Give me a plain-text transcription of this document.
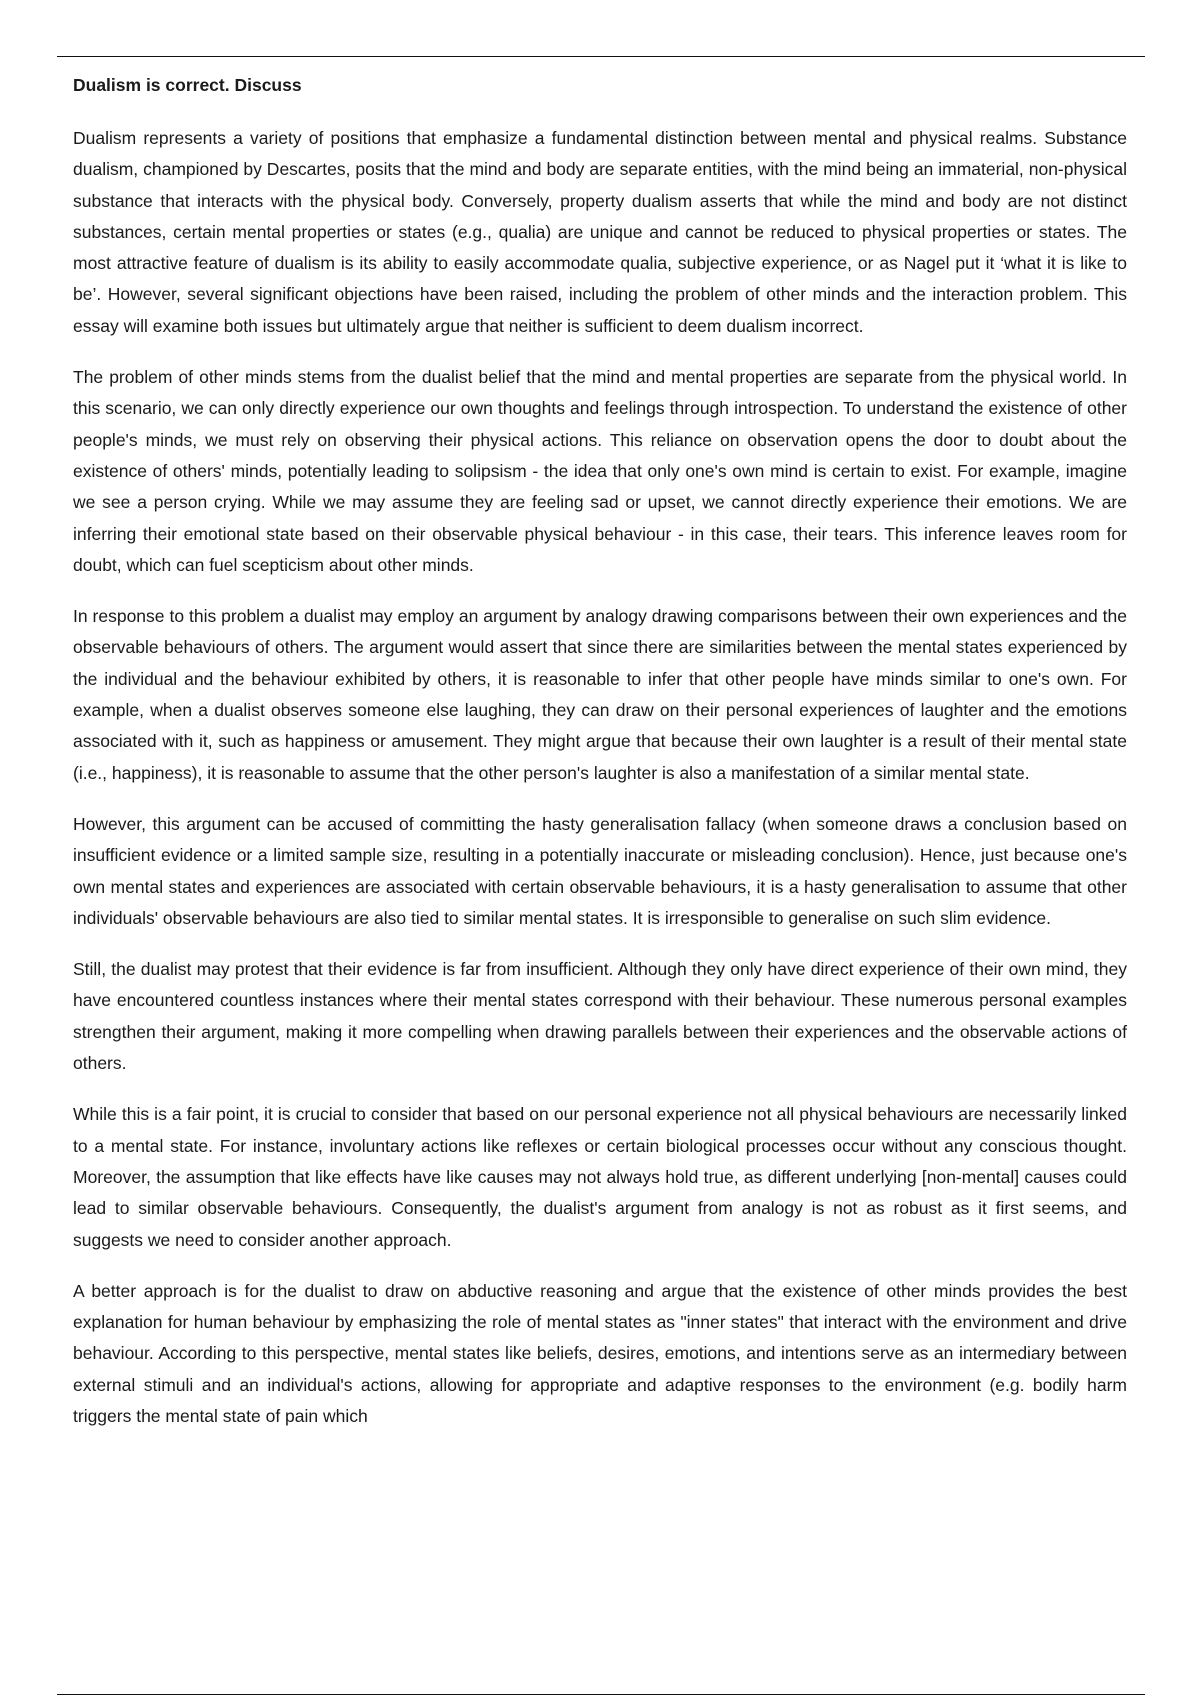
Dualism is correct. Discuss

Dualism represents a variety of positions that emphasize a fundamental distinction between mental and physical realms. Substance dualism, championed by Descartes, posits that the mind and body are separate entities, with the mind being an immaterial, non-physical substance that interacts with the physical body. Conversely, property dualism asserts that while the mind and body are not distinct substances, certain mental properties or states (e.g., qualia) are unique and cannot be reduced to physical properties or states. The most attractive feature of dualism is its ability to easily accommodate qualia, subjective experience, or as Nagel put it ‘what it is like to be’. However, several significant objections have been raised, including the problem of other minds and the interaction problem. This essay will examine both issues but ultimately argue that neither is sufficient to deem dualism incorrect.

The problem of other minds stems from the dualist belief that the mind and mental properties are separate from the physical world. In this scenario, we can only directly experience our own thoughts and feelings through introspection. To understand the existence of other people's minds, we must rely on observing their physical actions. This reliance on observation opens the door to doubt about the existence of others' minds, potentially leading to solipsism - the idea that only one's own mind is certain to exist. For example, imagine we see a person crying. While we may assume they are feeling sad or upset, we cannot directly experience their emotions. We are inferring their emotional state based on their observable physical behaviour - in this case, their tears. This inference leaves room for doubt, which can fuel scepticism about other minds.

In response to this problem a dualist may employ an argument by analogy drawing comparisons between their own experiences and the observable behaviours of others. The argument would assert that since there are similarities between the mental states experienced by the individual and the behaviour exhibited by others, it is reasonable to infer that other people have minds similar to one's own. For example, when a dualist observes someone else laughing, they can draw on their personal experiences of laughter and the emotions associated with it, such as happiness or amusement. They might argue that because their own laughter is a result of their mental state (i.e., happiness), it is reasonable to assume that the other person's laughter is also a manifestation of a similar mental state.

However, this argument can be accused of committing the hasty generalisation fallacy (when someone draws a conclusion based on insufficient evidence or a limited sample size, resulting in a potentially inaccurate or misleading conclusion). Hence, just because one's own mental states and experiences are associated with certain observable behaviours, it is a hasty generalisation to assume that other individuals' observable behaviours are also tied to similar mental states. It is irresponsible to generalise on such slim evidence.

Still, the dualist may protest that their evidence is far from insufficient. Although they only have direct experience of their own mind, they have encountered countless instances where their mental states correspond with their behaviour. These numerous personal examples strengthen their argument, making it more compelling when drawing parallels between their experiences and the observable actions of others.

While this is a fair point, it is crucial to consider that based on our personal experience not all physical behaviours are necessarily linked to a mental state. For instance, involuntary actions like reflexes or certain biological processes occur without any conscious thought. Moreover, the assumption that like effects have like causes may not always hold true, as different underlying [non-mental] causes could lead to similar observable behaviours. Consequently, the dualist's argument from analogy is not as robust as it first seems, and suggests we need to consider another approach.

A better approach is for the dualist to draw on abductive reasoning and argue that the existence of other minds provides the best explanation for human behaviour by emphasizing the role of mental states as "inner states" that interact with the environment and drive behaviour. According to this perspective, mental states like beliefs, desires, emotions, and intentions serve as an intermediary between external stimuli and an individual's actions, allowing for appropriate and adaptive responses to the environment (e.g. bodily harm triggers the mental state of pain which
